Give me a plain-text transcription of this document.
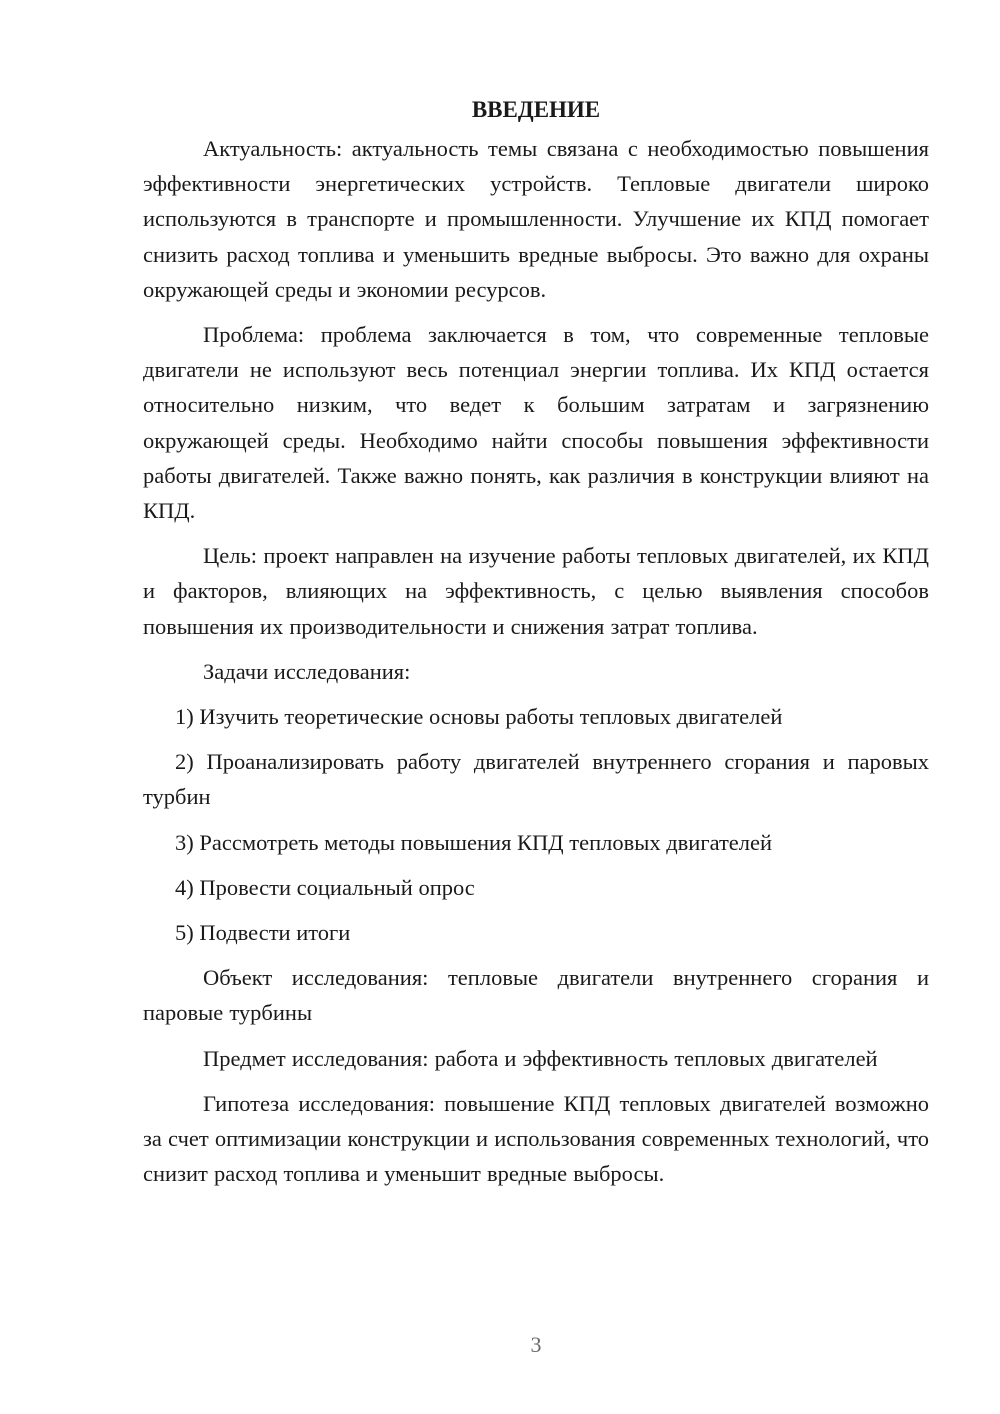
ВВЕДЕНИЕ

Актуальность: актуальность темы связана с необходимостью повышения эффективности энергетических устройств. Тепловые двигатели широко используются в транспорте и промышленности. Улучшение их КПД помогает снизить расход топлива и уменьшить вредные выбросы. Это важно для охраны окружающей среды и экономии ресурсов.

Проблема: проблема заключается в том, что современные тепловые двигатели не используют весь потенциал энергии топлива. Их КПД остается относительно низким, что ведет к большим затратам и загрязнению окружающей среды. Необходимо найти способы повышения эффективности работы двигателей. Также важно понять, как различия в конструкции влияют на КПД.

Цель: проект направлен на изучение работы тепловых двигателей, их КПД и факторов, влияющих на эффективность, с целью выявления способов повышения их производительности и снижения затрат топлива.

Задачи исследования:

1) Изучить теоретические основы работы тепловых двигателей

2) Проанализировать работу двигателей внутреннего сгорания и паровых турбин

3) Рассмотреть методы повышения КПД тепловых двигателей

4) Провести социальный опрос

5) Подвести итоги

Объект исследования: тепловые двигатели внутреннего сгорания и паровые турбины

Предмет исследования: работа и эффективность тепловых двигателей

Гипотеза исследования: повышение КПД тепловых двигателей возможно за счет оптимизации конструкции и использования современных технологий, что снизит расход топлива и уменьшит вредные выбросы.

3
